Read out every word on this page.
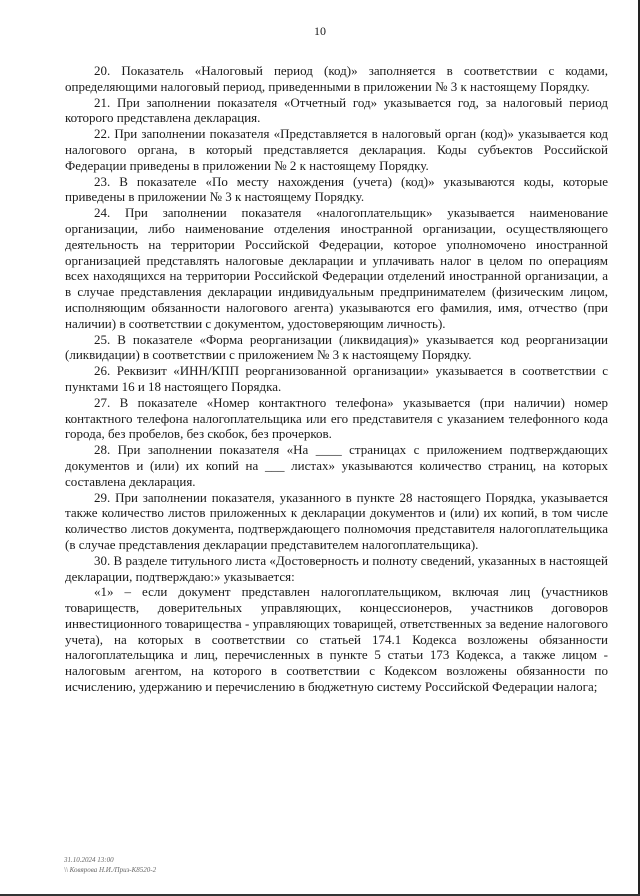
10

20. Показатель «Налоговый период (код)» заполняется в соответствии с кодами, определяющими налоговый период, приведенными в приложении № 3 к настоящему Порядку.

21. При заполнении показателя «Отчетный год» указывается год, за налоговый период которого представлена декларация.

22. При заполнении показателя «Представляется в налоговый орган (код)» указывается код налогового органа, в который представляется декларация. Коды субъектов Российской Федерации приведены в приложении № 2 к настоящему Порядку.

23. В показателе «По месту нахождения (учета) (код)» указываются коды, которые приведены в приложении № 3 к настоящему Порядку.

24. При заполнении показателя «налогоплательщик» указывается наименование организации, либо наименование отделения иностранной организации, осуществляющего деятельность на территории Российской Федерации, которое уполномочено иностранной организацией представлять налоговые декларации и уплачивать налог в целом по операциям всех находящихся на территории Российской Федерации отделений иностранной организации, а в случае представления декларации индивидуальным предпринимателем (физическим лицом, исполняющим обязанности налогового агента) указываются его фамилия, имя, отчество (при наличии) в соответствии с документом, удостоверяющим личность).

25. В показателе «Форма реорганизации (ликвидация)» указывается код реорганизации (ликвидации) в соответствии с приложением № 3 к настоящему Порядку.

26. Реквизит «ИНН/КПП реорганизованной организации» указывается в соответствии с пунктами 16 и 18 настоящего Порядка.

27. В показателе «Номер контактного телефона» указывается (при наличии) номер контактного телефона налогоплательщика или его представителя с указанием телефонного кода города, без пробелов, без скобок, без прочерков.

28. При заполнении показателя «На ____ страницах с приложением подтверждающих документов и (или) их копий на ___ листах» указываются количество страниц, на которых составлена декларация.

29. При заполнении показателя, указанного в пункте 28 настоящего Порядка, указывается также количество листов приложенных к декларации документов и (или) их копий, в том числе количество листов документа, подтверждающего полномочия представителя налогоплательщика (в случае представления декларации представителем налогоплательщика).

30. В разделе титульного листа «Достоверность и полноту сведений, указанных в настоящей декларации, подтверждаю:» указывается:

«1» – если документ представлен налогоплательщиком, включая лиц (участников товариществ, доверительных управляющих, концессионеров, участников договоров инвестиционного товарищества - управляющих товарищей, ответственных за ведение налогового учета), на которых в соответствии со статьей 174.1 Кодекса возложены обязанности налогоплательщика и лиц, перечисленных в пункте 5 статьи 173 Кодекса, а также лицом - налоговым агентом, на которого в соответствии с Кодексом возложены обязанности по исчислению, удержанию и перечислению в бюджетную систему Российской Федерации налога;

31.10.2024 13:00
\\ Ковярова Н.И./Приз-К8520-2
